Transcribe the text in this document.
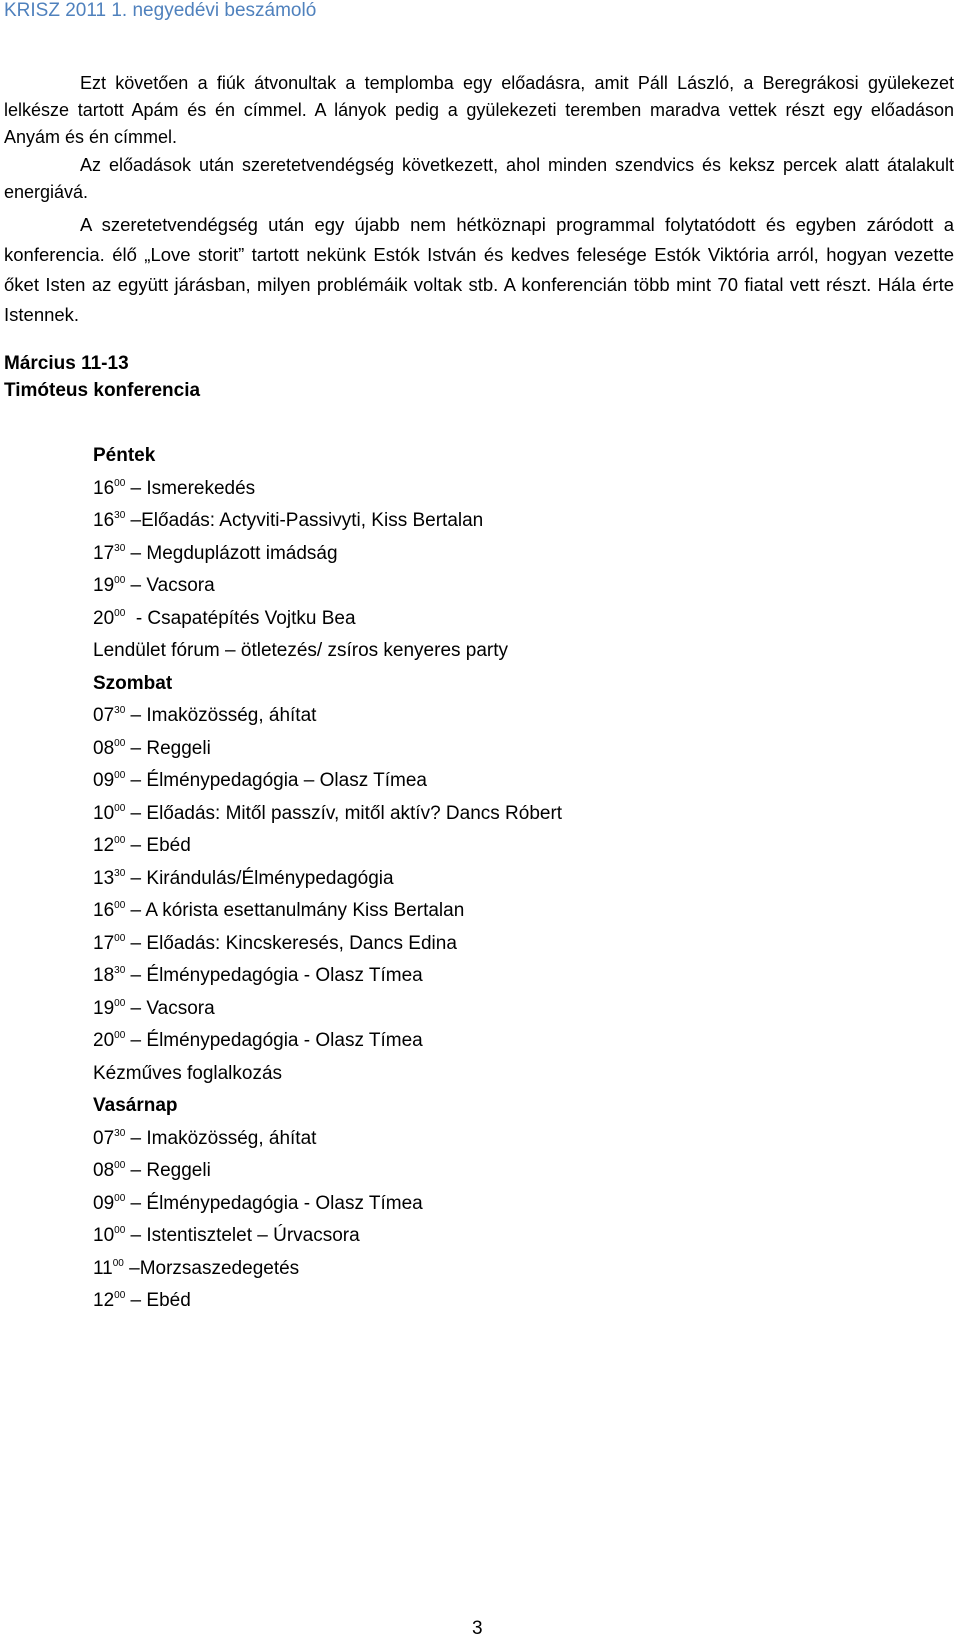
KRISZ 2011 1. negyedévi beszámoló
Ezt követően a fiúk átvonultak a templomba egy előadásra, amit Páll László, a Beregrákosi gyülekezet lelkésze tartott Apám és én címmel. A lányok pedig a gyülekezeti teremben maradva vettek részt egy előadáson Anyám és én címmel.
Az előadások után szeretetvendégség következett, ahol minden szendvics és keksz percek alatt átalakult energiává.
A szeretetvendégség után egy újabb nem hétköznapi programmal folytatódott és egyben záródott a konferencia. élő „Love storit” tartott nekünk Estók István és kedves felesége Estók Viktória arról, hogyan vezette őket Isten az együtt járásban, milyen problémáik voltak stb. A konferencián több mint 70 fiatal vett részt. Hála érte Istennek.
Március 11-13
Timóteus konferencia
Péntek
$16^{00}$ – Ismerekedés
$16^{30}$ –Előadás: Actyviti-Passivyti, Kiss Bertalan
$17^{30}$ – Megduplázott imádság
$19^{00}$ – Vacsora
$20^{00}$  - Csapatépítés Vojtku Bea
Lendület fórum – ötletezés/ zsíros kenyeres party
Szombat
$07^{30}$ – Imaközösség, áhítat
$08^{00}$ – Reggeli
$09^{00}$ – Élménypedagógia – Olasz Tímea
$10^{00}$ – Előadás: Mitől passzív, mitől aktív? Dancs Róbert
$12^{00}$ – Ebéd
$13^{30}$ – Kirándulás/Élménypedagógia
$16^{00}$ – A kórista esettanulmány Kiss Bertalan
$17^{00}$ – Előadás: Kincskeresés, Dancs Edina
$18^{30}$ – Élménypedagógia - Olasz Tímea
$19^{00}$ – Vacsora
$20^{00}$ – Élménypedagógia - Olasz Tímea
Kézműves foglalkozás
Vasárnap
$07^{30}$ – Imaközösség, áhítat
$08^{00}$ – Reggeli
$09^{00}$ – Élménypedagógia - Olasz Tímea
$10^{00}$ – Istentisztelet – Úrvacsora
$11^{00}$ –Morzsaszedegetés
$12^{00}$ – Ebéd
3
